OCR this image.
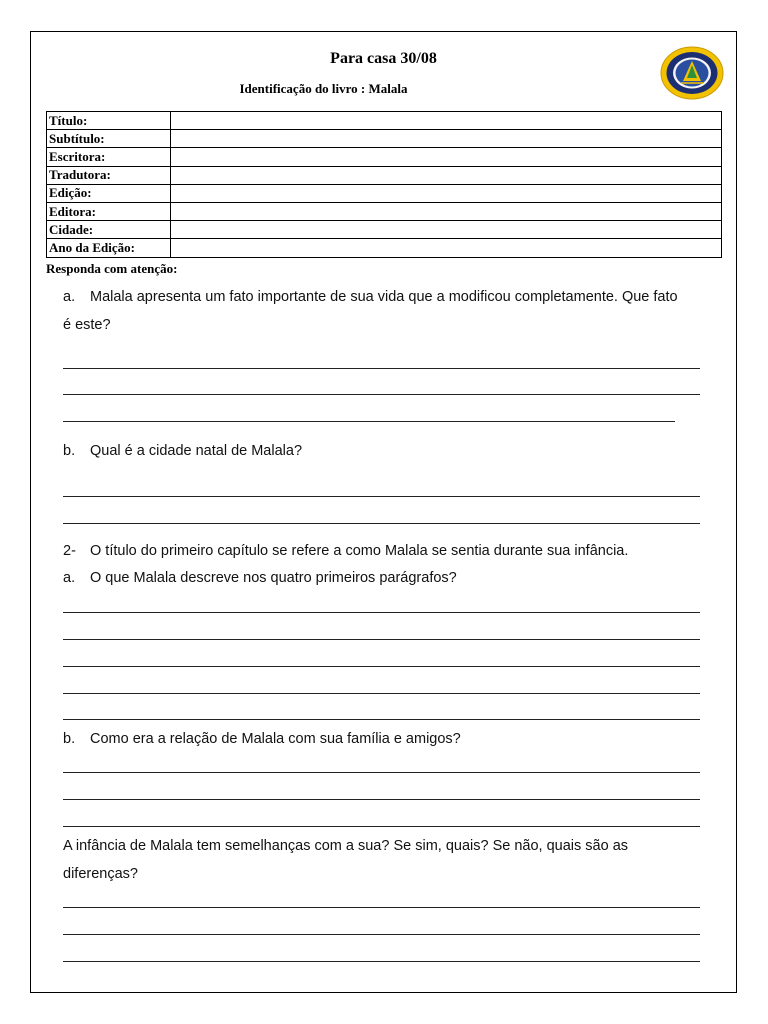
Para casa 30/08
Identificação do livro : Malala
Título:	
Subtítulo:	
Escritora:	
Tradutora:	
Edição:	
Editora:	
Cidade:	
Ano da Edição:	
Responda com atenção:
a. Malala apresenta um fato importante de sua vida que a modificou completamente. Que fato
é este?
b. Qual é a cidade natal de Malala?
2- O título do primeiro capítulo se refere a como Malala se sentia durante sua infância.
a. O que Malala descreve nos quatro primeiros parágrafos?
b. Como era a relação de Malala com sua família e amigos?
A infância de Malala tem semelhanças com a sua? Se sim, quais? Se não, quais são as
diferenças?
